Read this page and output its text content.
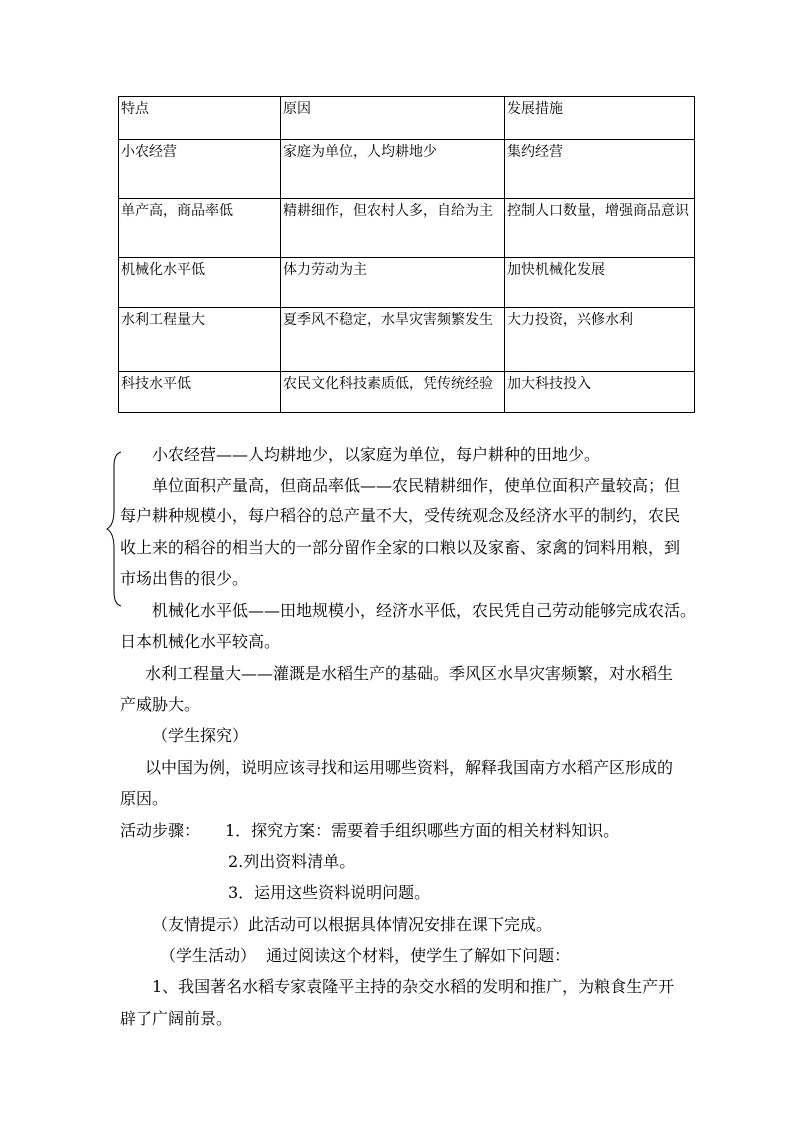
特点	原因	发展措施
小农经营	家庭为单位，人均耕地少	集约经营
单产高，商品率低	精耕细作，但农村人多，自给为主	控制人口数量，增强商品意识
机械化水平低	体力劳动为主	加快机械化发展
水利工程量大	夏季风不稳定，水旱灾害频繁发生	大力投资，兴修水利
科技水平低	农民文化科技素质低，凭传统经验	加大科技投入
小农经营——人均耕地少，以家庭为单位，每户耕种的田地少。
单位面积产量高，但商品率低——农民精耕细作，使单位面积产量较高；但
每户耕种规模小，每户稻谷的总产量不大，受传统观念及经济水平的制约，农民
收上来的稻谷的相当大的一部分留作全家的口粮以及家畜、家禽的饲料用粮，到
市场出售的很少。
机械化水平低——田地规模小，经济水平低，农民凭自己劳动能够完成农活。
日本机械化水平较高。
水利工程量大——灌溉是水稻生产的基础。季风区水旱灾害频繁，对水稻生
产威胁大。
（学生探究）
以中国为例，说明应该寻找和运用哪些资料，解释我国南方水稻产区形成的
原因。
活动步骤： 1．探究方案：需要着手组织哪些方面的相关材料知识。
2.列出资料清单。
3．运用这些资料说明问题。
（友情提示）此活动可以根据具体情况安排在课下完成。
（学生活动）  通过阅读这个材料，使学生了解如下问题：
1、我国著名水稻专家袁隆平主持的杂交水稻的发明和推广，为粮食生产开
辟了广阔前景。
